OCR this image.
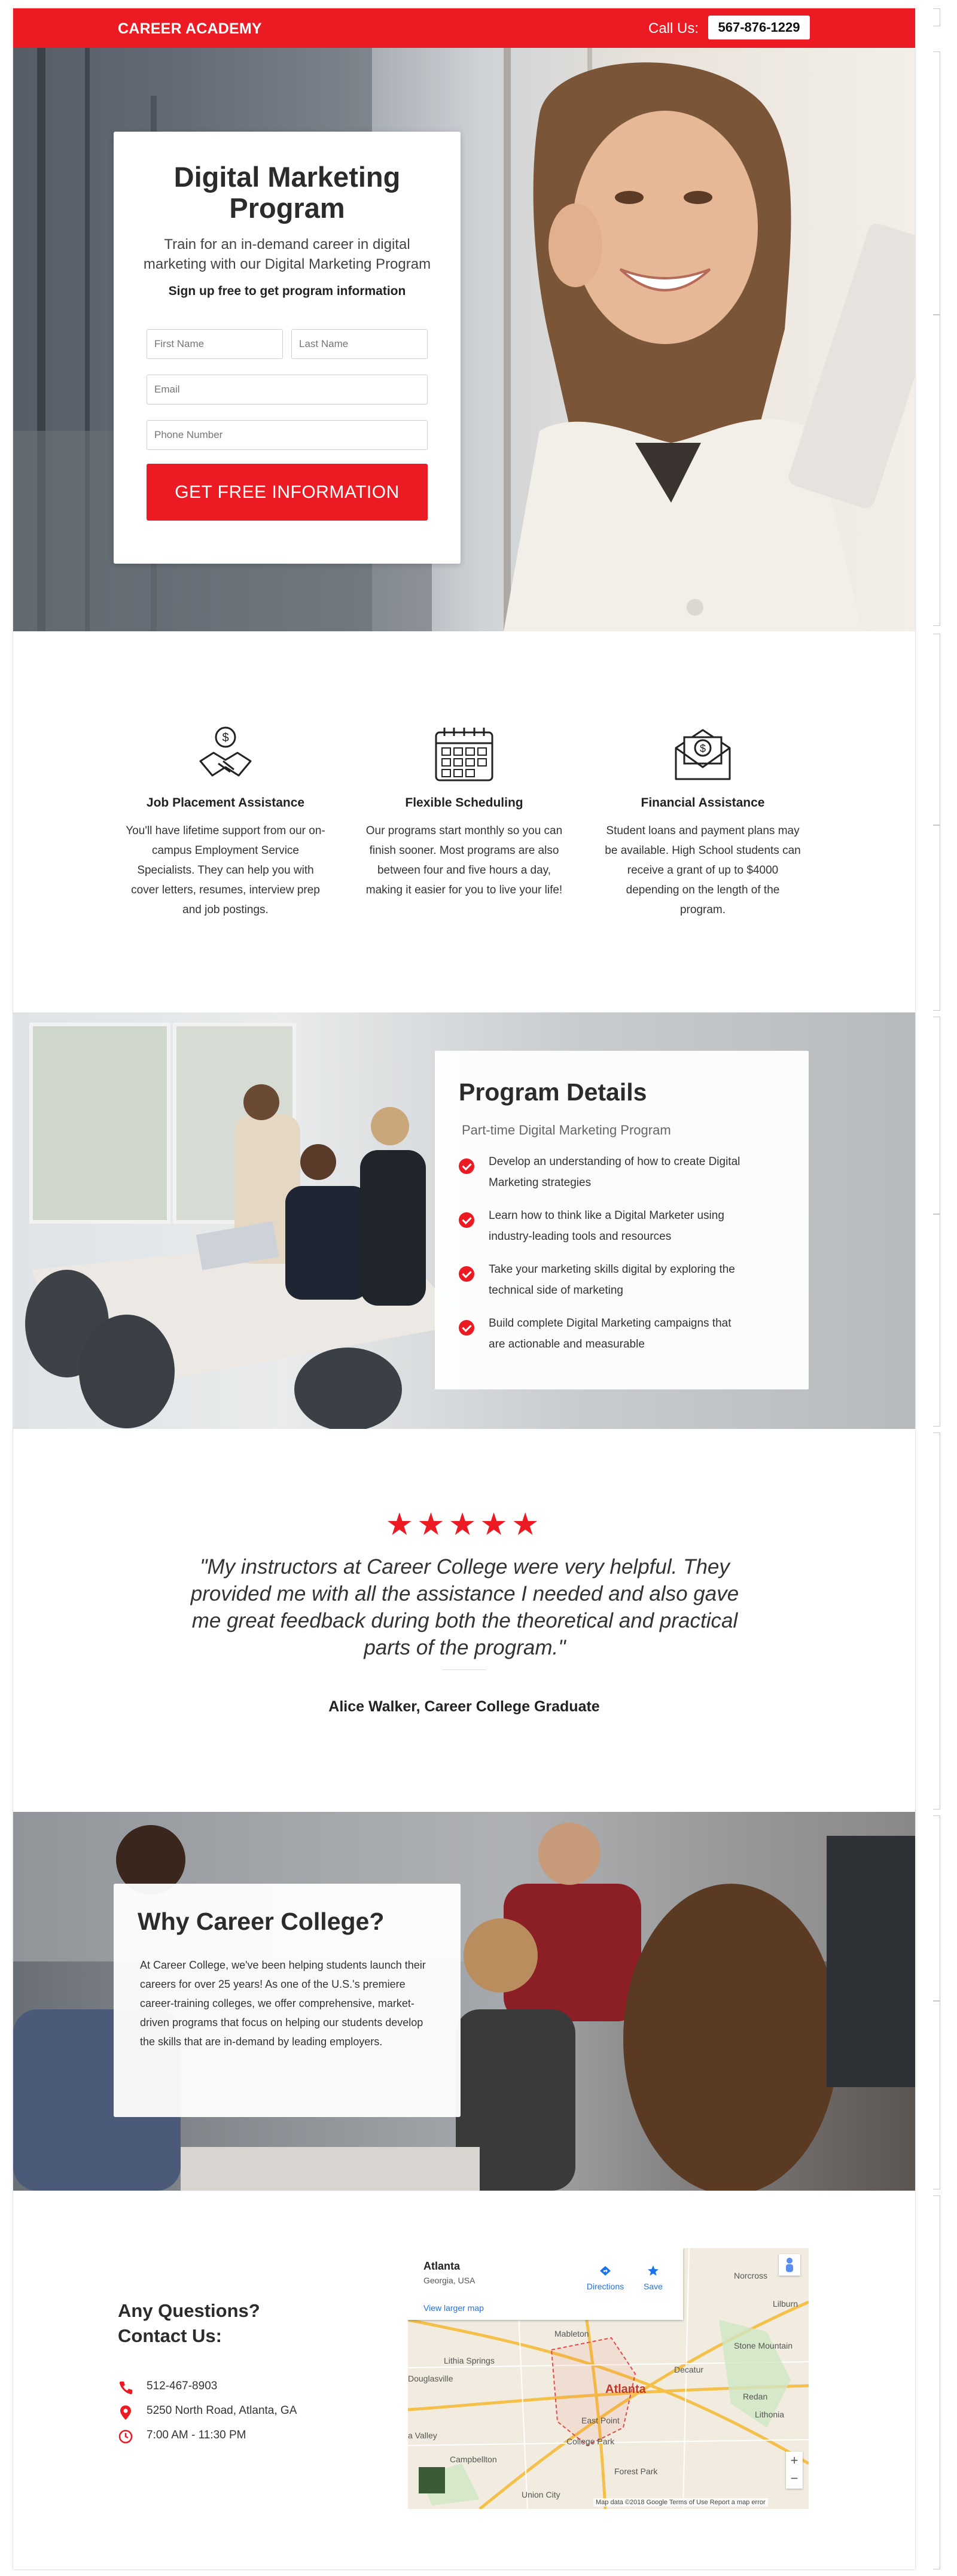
CAREER ACADEMY	Call Us:	567-876-1229
Digital Marketing Program
Train for an in-demand career in digital marketing with our Digital Marketing Program
Sign up free to get program information
First Name
Last Name
Email
Phone Number
GET FREE INFORMATION
$
Job Placement Assistance
You'll have lifetime support from our on-campus Employment Service Specialists. They can help you with cover letters, resumes, interview prep and job postings.
Flexible Scheduling
Our programs start monthly so you can finish sooner. Most programs are also between four and five hours a day, making it easier for you to live your life!
$
Financial Assistance
Student loans and payment plans may be available. High School students can receive a grant of up to $4000 depending on the length of the program.
Program Details
Part-time Digital Marketing Program
Develop an understanding of how to create Digital Marketing strategies
Learn how to think like a Digital Marketer using industry-leading tools and resources
Take your marketing skills digital by exploring the technical side of marketing
Build complete Digital Marketing campaigns that are actionable and measurable
★★★★★
"My instructors at Career College were very helpful. They provided me with all the assistance I needed and also gave me great feedback during both the theoretical and practical parts of the program."
Alice Walker, Career College Graduate
Why Career College?
At Career College, we've been helping students launch their careers for over 25 years! As one of the U.S.'s premiere career-training colleges, we offer comprehensive, market-driven programs that focus on helping our students develop the skills that are in-demand by leading employers.
Any Questions? Contact Us:
512-467-8903
5250 North Road, Atlanta, GA
7:00 AM - 11:30 PM
Mableton
Lithia Springs
Douglasville
Atlanta
Decatur
Stone Mountain
Norcross
Lilburn
Redan
Lithonia
East Point
College Park
Campbellton
Forest Park
Union City
a Valley
Atlanta
Georgia, USA
View larger map
Directions	Save
+
−
Map data ©2018 Google Terms of Use Report a map error
